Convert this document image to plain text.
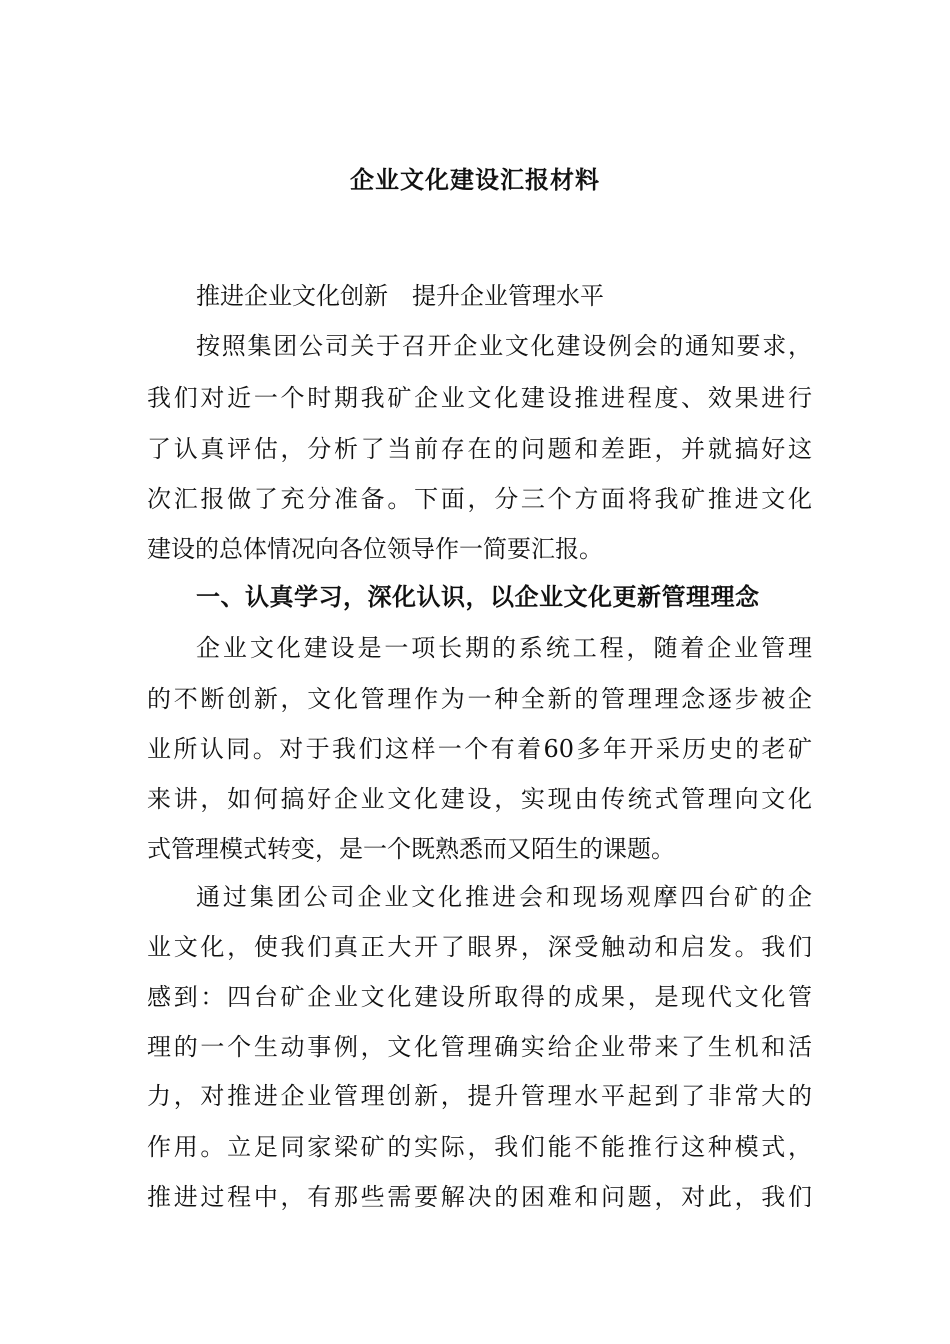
企业文化建设汇报材料
推进企业文化创新　提升企业管理水平
按照集团公司关于召开企业文化建设例会的通知要求，
我们对近一个时期我矿企业文化建设推进程度、效果进行
了认真评估，分析了当前存在的问题和差距，并就搞好这
次汇报做了充分准备。下面，分三个方面将我矿推进文化
建设的总体情况向各位领导作一简要汇报。
一、认真学习，深化认识，以企业文化更新管理理念
企业文化建设是一项长期的系统工程，随着企业管理
的不断创新，文化管理作为一种全新的管理理念逐步被企
业所认同。对于我们这样一个有着60多年开采历史的老矿
来讲，如何搞好企业文化建设，实现由传统式管理向文化
式管理模式转变，是一个既熟悉而又陌生的课题。
通过集团公司企业文化推进会和现场观摩四台矿的企
业文化，使我们真正大开了眼界，深受触动和启发。我们
感到：四台矿企业文化建设所取得的成果，是现代文化管
理的一个生动事例，文化管理确实给企业带来了生机和活
力，对推进企业管理创新，提升管理水平起到了非常大的
作用。立足同家梁矿的实际，我们能不能推行这种模式，
推进过程中，有那些需要解决的困难和问题，对此，我们
